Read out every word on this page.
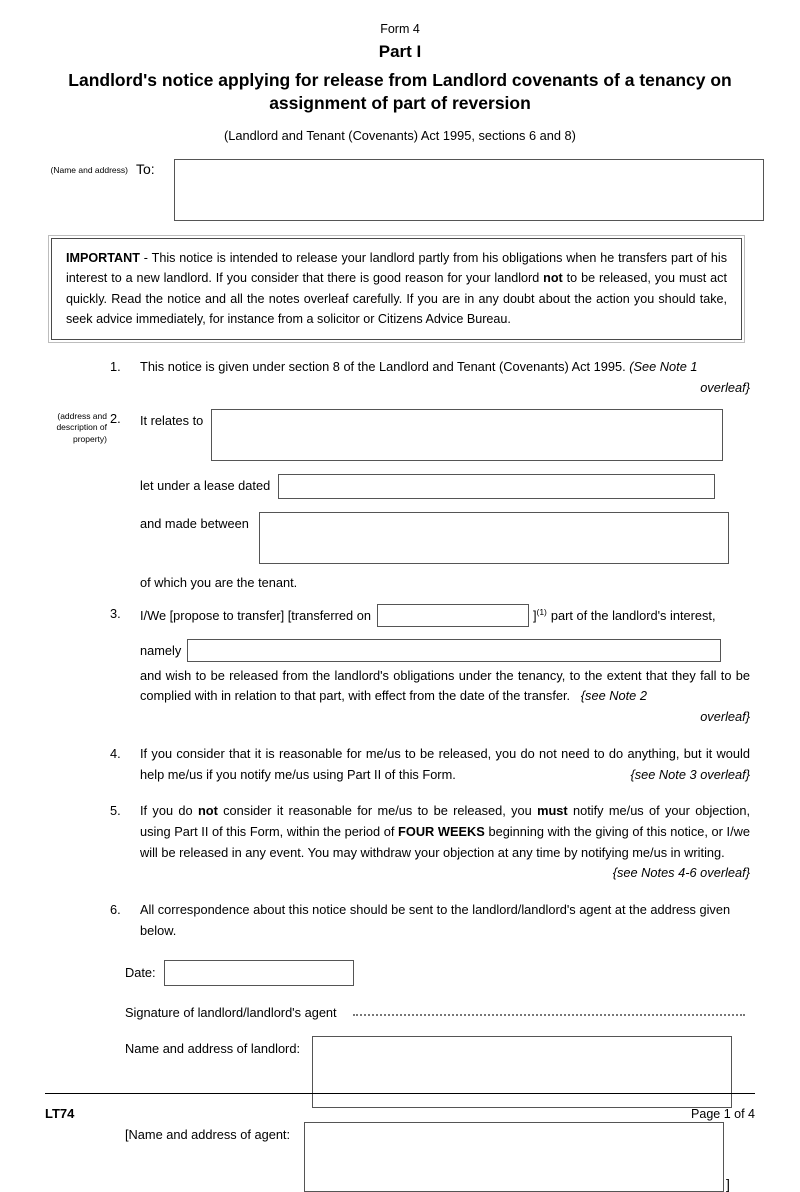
Form 4
Part I
Landlord's notice applying for release from Landlord covenants of a tenancy on assignment of part of reversion
(Landlord and Tenant (Covenants) Act 1995, sections 6 and 8)
(Name and address) To:

IMPORTANT - This notice is intended to release your landlord partly from his obligations when he transfers part of his interest to a new landlord. If you consider that there is good reason for your landlord not to be released, you must act quickly. Read the notice and all the notes overleaf carefully. If you are in any doubt about the action you should take, seek advice immediately, for instance from a solicitor or Citizens Advice Bureau.

1.	This notice is given under section 8 of the Landlord and Tenant (Covenants) Act 1995. (See Note 1

overleaf}
(address and description of property)
2.	It relates to
let under a lease dated
and made between
of which you are the tenant.
3.	I/We [propose to transfer] [transferred on	] (1) part of the landlord's interest,
namely

and wish to be released from the landlord's obligations under the tenancy, to the extent that they fall to be complied with in relation to that part, with effect from the date of the transfer. {see Note 2

overleaf}
4.	If you consider that it is reasonable for me/us to be released, you do not need to do anything, but it would help me/us if you notify me/us using Part II of this Form.	{see Note 3 overleaf}

5.	If you do not consider it reasonable for me/us to be released, you must notify me/us of your objection, using Part II of this Form, within the period of FOUR WEEKS beginning with the giving of this notice, or I/we will be released in any event. You may withdraw your objection at any time by notifying me/us in writing.
{see Notes 4-6 overleaf}

6.	All correspondence about this notice should be sent to the landlord/landlord's agent at the address given below.

Date:
Signature of landlord/landlord's agent
Name and address of landlord:
[Name and address of agent:
]
LT74	Page 1 of 4
